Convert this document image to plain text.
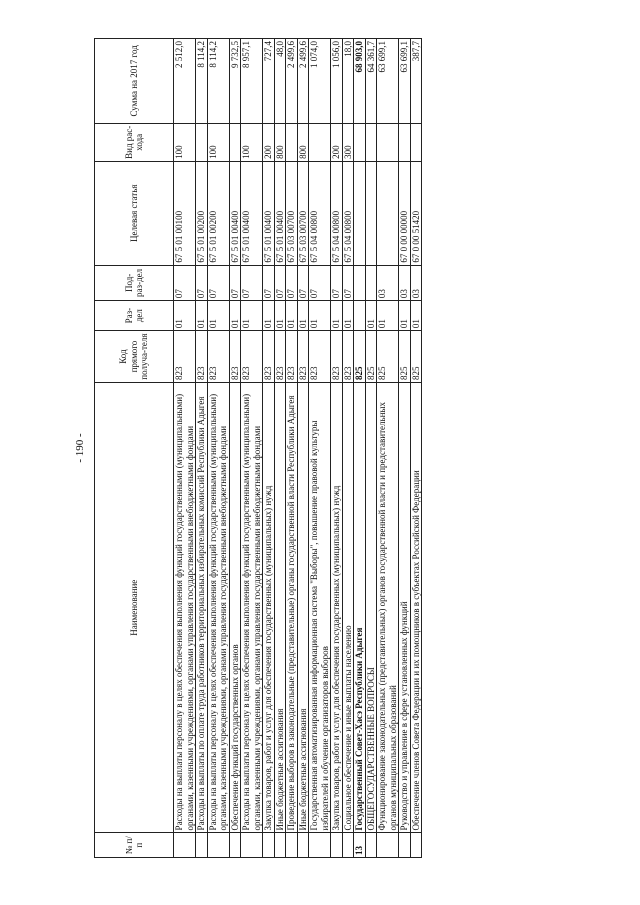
- 190 -
№ п/п	Наименование	Код прямого получа-теля	Раз-дел	Под-раз-дел	Целевая статья	Вид рас-хода	Сумма на 2017 год
	Расходы на выплаты персоналу в целях обеспечения выполнения функций государственными (муниципальными) органами, казенными учреждениями, органами управления государственными внебюджетными фондами	823	01	07	67 5 01 00100	100	2 512,0
	Расходы на выплаты по оплате труда работников территориальных избирательных комиссий Республики Адыгея	823	01	07	67 5 01 00200		8 114,2
	Расходы на выплаты персоналу в целях обеспечения выполнения функций государственными (муниципальными) органами, казенными учреждениями, органами управления государственными внебюджетными фондами	823	01	07	67 5 01 00200	100	8 114,2
	Обеспечение функций государственных органов	823	01	07	67 5 01 00400		9 732,5
	Расходы на выплаты персоналу в целях обеспечения выполнения функций государственными (муниципальными) органами, казенными учреждениями, органами управления государственными внебюджетными фондами	823	01	07	67 5 01 00400	100	8 957,1
	Закупка товаров, работ и услуг для обеспечения государственных (муниципальных) нужд	823	01	07	67 5 01 00400	200	727,4
	Иные бюджетные ассигнования	823	01	07	67 5 01 00400	800	48,0
	Проведение выборов в законодательные (представительные) органы государственной власти Республики Адыгея	823	01	07	67 5 03 00700		2 499,6
	Иные бюджетные ассигнования	823	01	07	67 5 03 00700	800	2 499,6
	Государственная автоматизированная информационная система "Выборы", повышение правовой культуры избирателей и обучение организаторов выборов	823	01	07	67 5 04 00800		1 074,0
	Закупка товаров, работ и услуг для обеспечения государственных (муниципальных) нужд	823	01	07	67 5 04 00800	200	1 056,0
	Социальное обеспечение и иные выплаты населению	823	01	07	67 5 04 00800	300	18,0
13	Государственный Совет-Хасэ Республики Адыгея	825					68 903,0
	ОБЩЕГОСУДАРСТВЕННЫЕ ВОПРОСЫ	825	01				64 361,7
	Функционирование законодательных (представительных) органов государственной власти и представительных органов муниципальных образований	825	01	03			63 699,1
	Руководство и управление в сфере установленных функций	825	01	03	67 0 00 00000		63 699,1
	Обеспечение членов Совета Федерации и их помощников в субъектах Российской Федерации	825	01	03	67 0 00 51420		387,7
